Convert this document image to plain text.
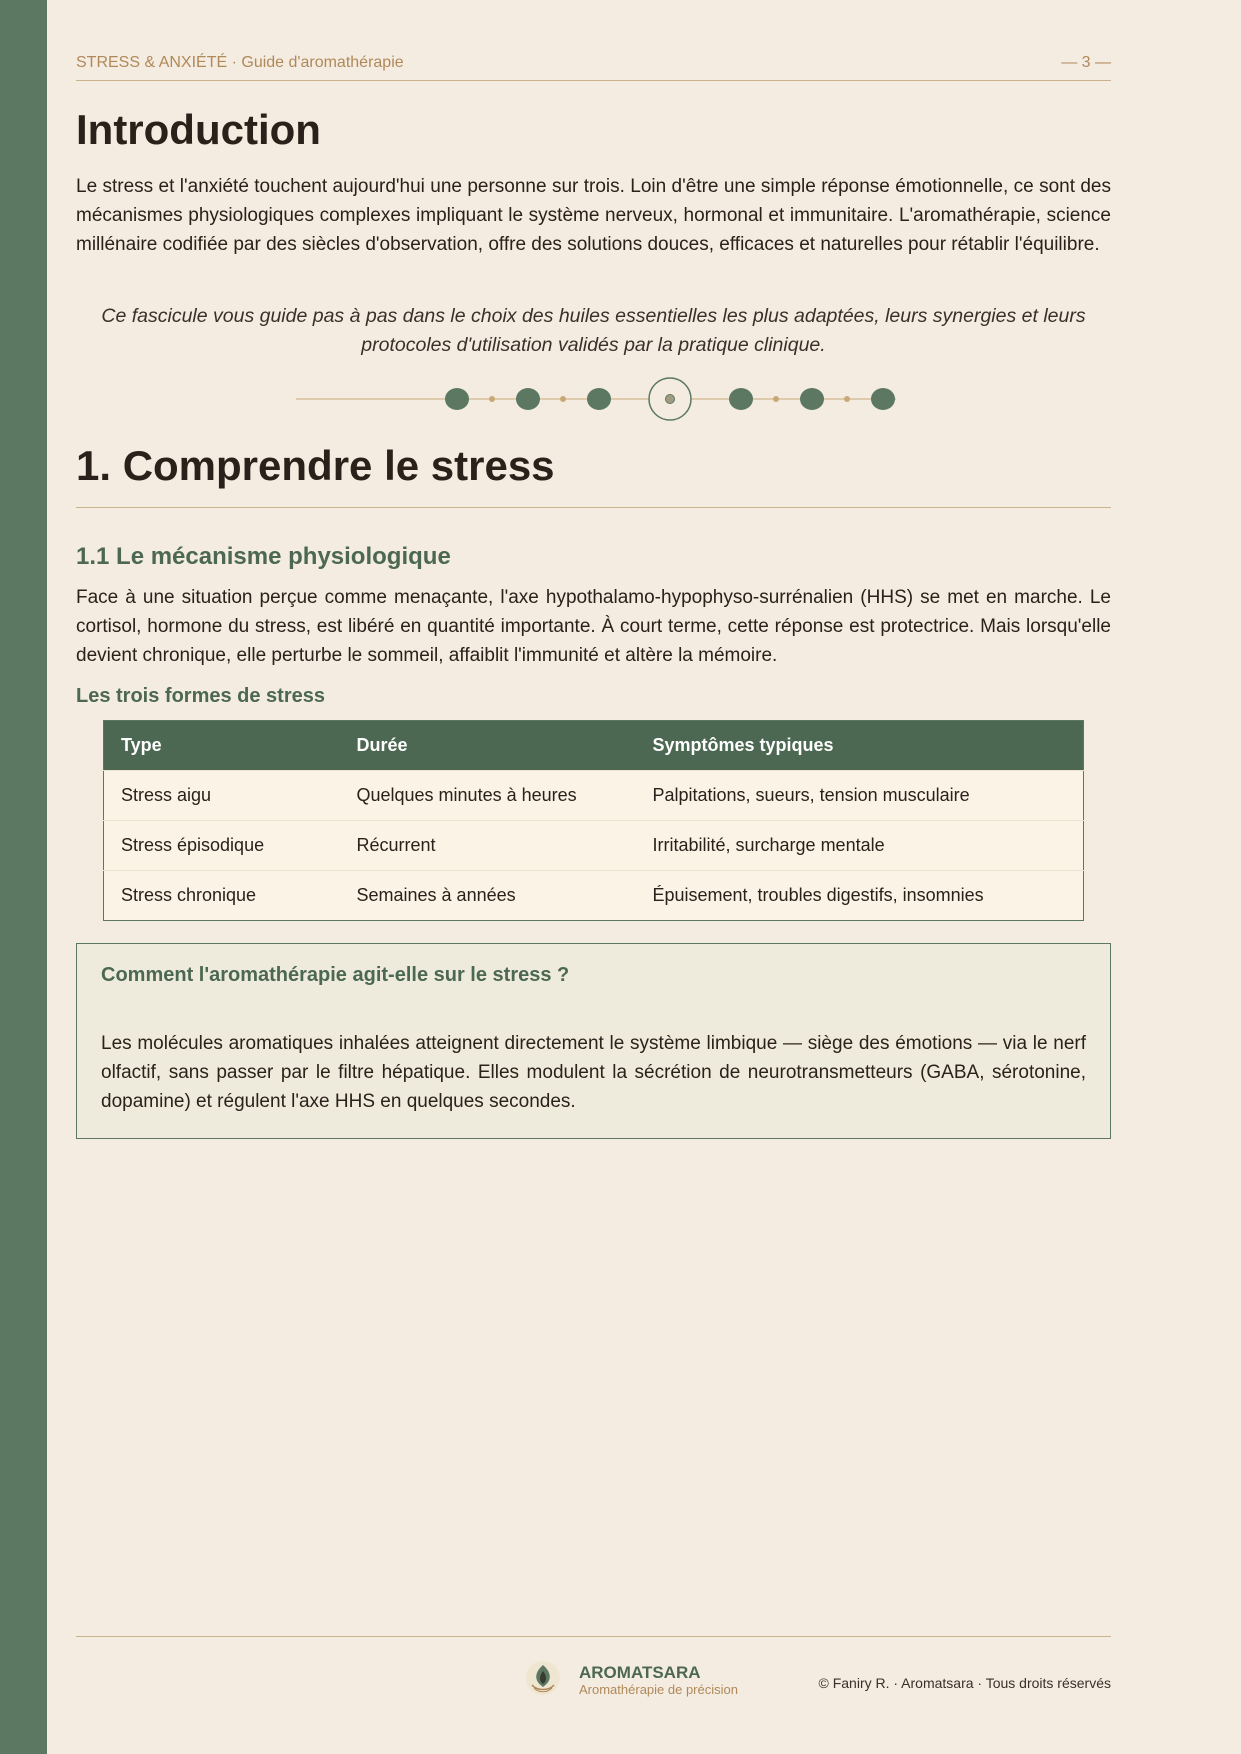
STRESS & ANXIÉTÉ · Guide d'aromathérapie	— 3 —
Introduction

Le stress et l'anxiété touchent aujourd'hui une personne sur trois. Loin d'être une simple réponse émotionnelle, ce sont des mécanismes physiologiques complexes impliquant le système nerveux, hormonal et immunitaire. L'aromathérapie, science millénaire codifiée par des siècles d'observation, offre des solutions douces, efficaces et naturelles pour rétablir l'équilibre.

Ce fascicule vous guide pas à pas dans le choix des huiles essentielles les plus adaptées, leurs synergies et leurs protocoles d'utilisation validés par la pratique clinique.

1. Comprendre le stress
1.1 Le mécanisme physiologique

Face à une situation perçue comme menaçante, l'axe hypothalamo-hypophyso-surrénalien (HHS) se met en marche. Le cortisol, hormone du stress, est libéré en quantité importante. À court terme, cette réponse est protectrice. Mais lorsqu'elle devient chronique, elle perturbe le sommeil, affaiblit l'immunité et altère la mémoire.

Les trois formes de stress
Type	Durée	Symptômes typiques
Stress aigu	Quelques minutes à heures	Palpitations, sueurs, tension musculaire
Stress épisodique	Récurrent	Irritabilité, surcharge mentale
Stress chronique	Semaines à années	Épuisement, troubles digestifs, insomnies
Comment l'aromathérapie agit-elle sur le stress ?

Les molécules aromatiques inhalées atteignent directement le système limbique — siège des émotions — via le nerf olfactif, sans passer par le filtre hépatique. Elles modulent la sécrétion de neurotransmetteurs (GABA, sérotonine, dopamine) et régulent l'axe HHS en quelques secondes.

AROMATSARA
Aromathérapie de précision	© Faniry R. · Aromatsara · Tous droits réservés
